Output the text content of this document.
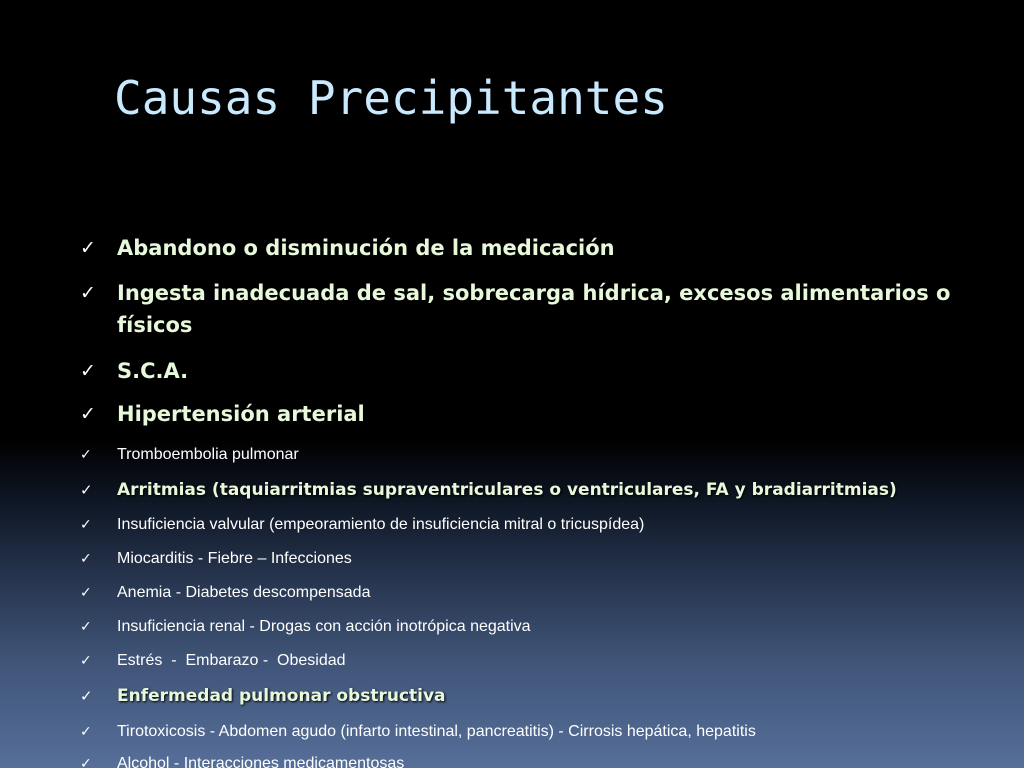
Causas Precipitantes
✓ Abandono o disminución de la medicación
✓ Ingesta inadecuada de sal, sobrecarga hídrica, excesos alimentarios o físicos
✓ S.C.A.
✓ Hipertensión arterial
✓ Tromboembolia pulmonar
✓ Arritmias (taquiarritmias supraventriculares o ventriculares, FA y bradiarritmias)
✓ Insuficiencia valvular (empeoramiento de insuficiencia mitral o tricuspídea)
✓ Miocarditis - Fiebre – Infecciones
✓ Anemia - Diabetes descompensada
✓ Insuficiencia renal - Drogas con acción inotrópica negativa
✓ Estrés  -  Embarazo -  Obesidad
✓ Enfermedad pulmonar obstructiva
✓ Tirotoxicosis - Abdomen agudo (infarto intestinal, pancreatitis) - Cirrosis hepática, hepatitis
✓ Alcohol - Interacciones medicamentosas
